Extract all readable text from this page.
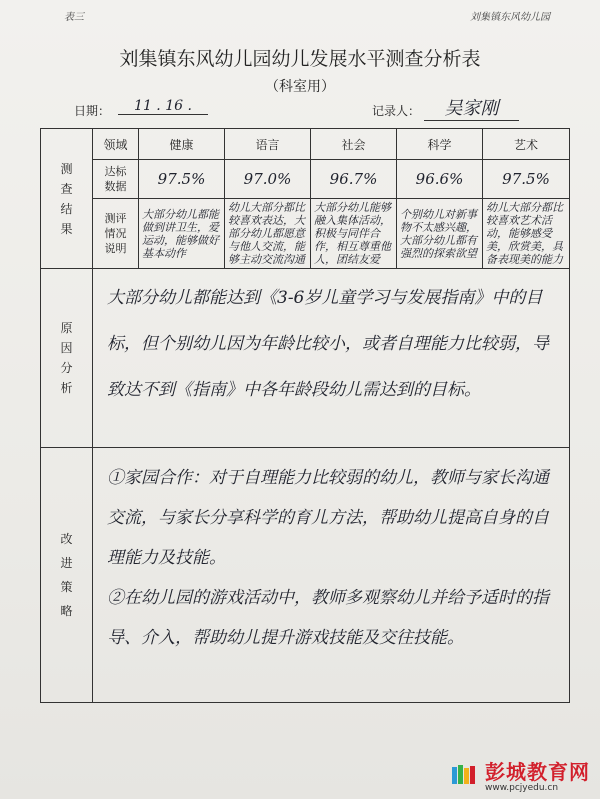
表三	刘集镇东风幼儿园
刘集镇东风幼儿园幼儿发展水平测查分析表
（科室用）
日期：	11 . 16 .	记录人：	吴家刚
测查结果	领域	健康	语言	社会	科学	艺术

	达标数据	97.5%	97.0%	96.7%	96.6%	97.5%

	测评情况说明	大部分幼儿都能做到讲卫生，爱运动，能够做好基本动作	幼儿大部分都比较喜欢表达，大部分幼儿都愿意与他人交流，能够主动交流沟通	大部分幼儿能够融入集体活动，积极与同伴合作，相互尊重他人，团结友爱	个别幼儿对新事物不太感兴趣，大部分幼儿都有强烈的探索欲望	幼儿大部分都比较喜欢艺术活动，能够感受美，欣赏美，具备表现美的能力

原因分析	大部分幼儿都能达到《3-6岁儿童学习与发展指南》中的目标，但个别幼儿因为年龄比较小，或者自理能力比较弱，导致达不到《指南》中各年龄段幼儿需达到的目标。					

改进策略	①家园合作：对于自理能力比较弱的幼儿，教师与家长沟通交流，与家长分享科学的育儿方法，帮助幼儿提高自身的自理能力及技能。
②在幼儿园的游戏活动中，教师多观察幼儿并给予适时的指导、介入，帮助幼儿提升游戏技能及交往技能。					
彭城教育网
www.pcjyedu.cn
